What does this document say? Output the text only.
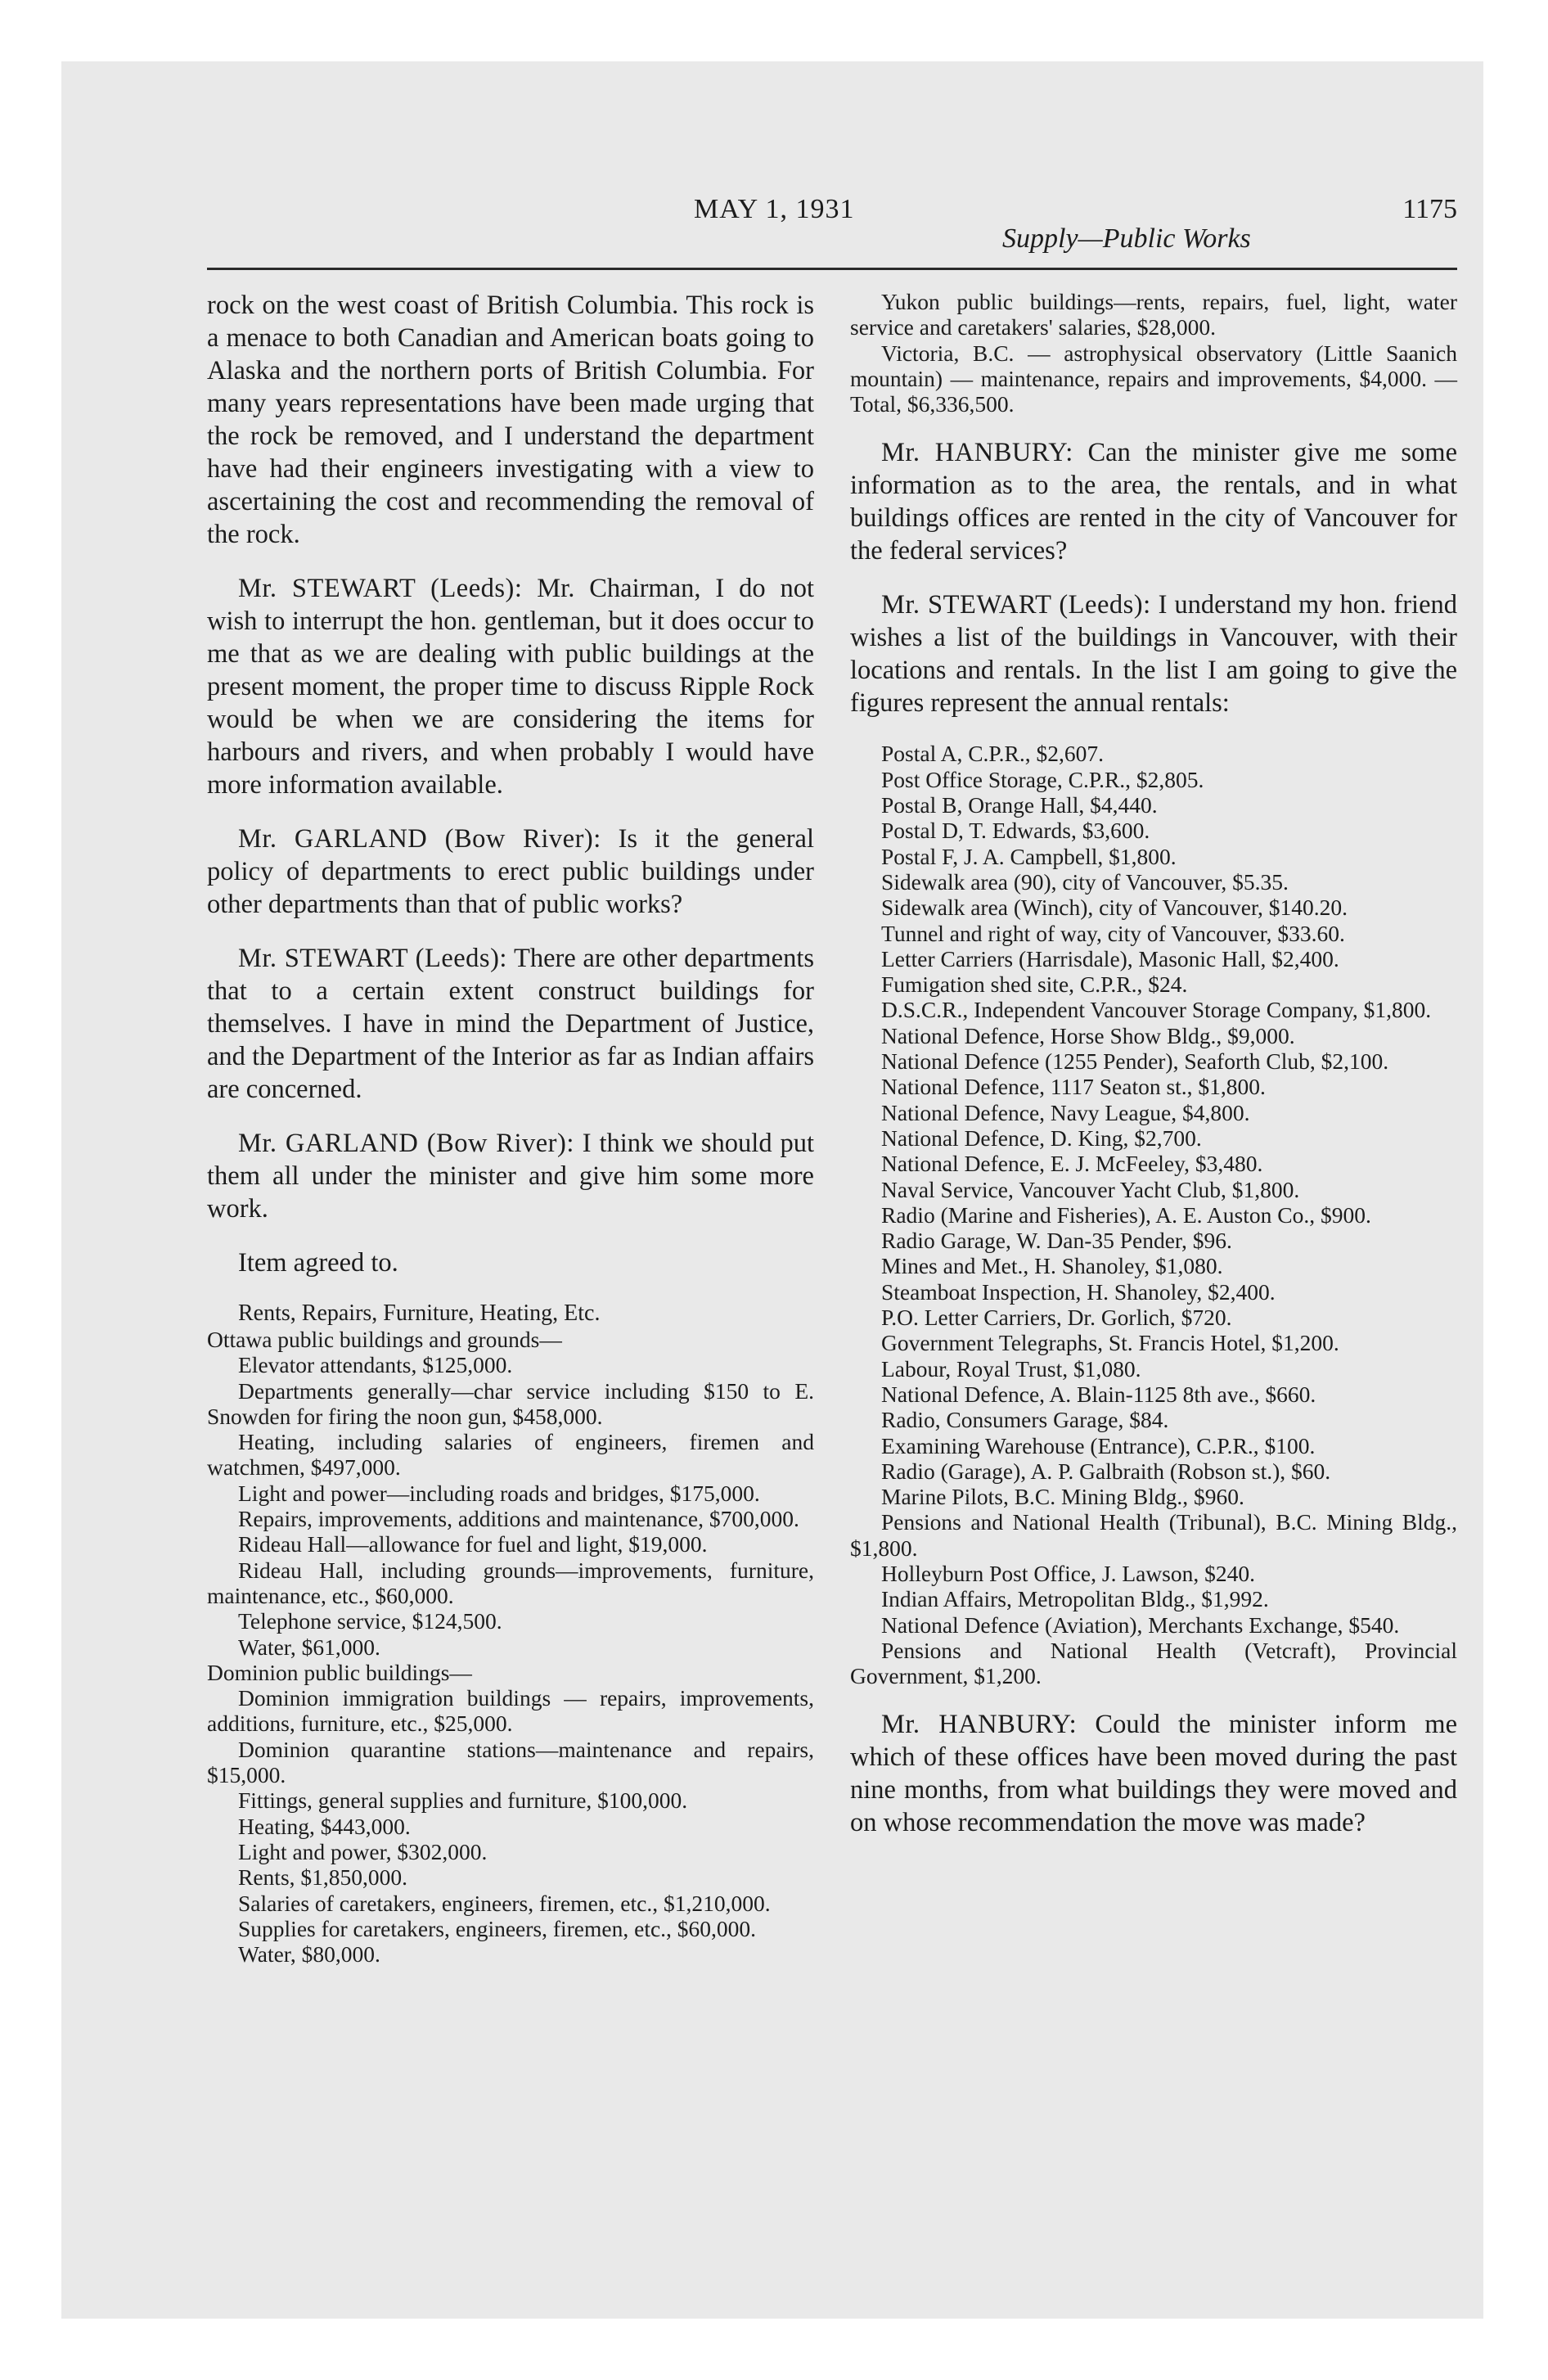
MAY 1, 1931
Supply—Public Works
1175

rock on the west coast of British Columbia. This rock is a menace to both Canadian and American boats going to Alaska and the northern ports of British Columbia. For many years representations have been made urging that the rock be removed, and I understand the department have had their engineers investigating with a view to ascertaining the cost and recommending the removal of the rock.

Mr. STEWART (Leeds): Mr. Chairman, I do not wish to interrupt the hon. gentleman, but it does occur to me that as we are dealing with public buildings at the present moment, the proper time to discuss Ripple Rock would be when we are considering the items for harbours and rivers, and when probably I would have more information available.

Mr. GARLAND (Bow River): Is it the general policy of departments to erect public buildings under other departments than that of public works?

Mr. STEWART (Leeds): There are other departments that to a certain extent construct buildings for themselves. I have in mind the Department of Justice, and the Department of the Interior as far as Indian affairs are concerned.

Mr. GARLAND (Bow River): I think we should put them all under the minister and give him some more work.

Item agreed to.

Rents, Repairs, Furniture, Heating, Etc.
Ottawa public buildings and grounds—
Elevator attendants, $125,000.
Departments generally—char service including $150 to E. Snowden for firing the noon gun, $458,000.
Heating, including salaries of engineers, firemen and watchmen, $497,000.
Light and power—including roads and bridges, $175,000.
Repairs, improvements, additions and maintenance, $700,000.
Rideau Hall—allowance for fuel and light, $19,000.
Rideau Hall, including grounds—improvements, furniture, maintenance, etc., $60,000.
Telephone service, $124,500.
Water, $61,000.
Dominion public buildings—
Dominion immigration buildings — repairs, improvements, additions, furniture, etc., $25,000.
Dominion quarantine stations—maintenance and repairs, $15,000.
Fittings, general supplies and furniture, $100,000.
Heating, $443,000.
Light and power, $302,000.
Rents, $1,850,000.
Salaries of caretakers, engineers, firemen, etc., $1,210,000.
Supplies for caretakers, engineers, firemen, etc., $60,000.
Water, $80,000.
Yukon public buildings—rents, repairs, fuel, light, water service and caretakers' salaries, $28,000.
Victoria, B.C. — astrophysical observatory (Little Saanich mountain) — maintenance, repairs and improvements, $4,000. — Total, $6,336,500.

Mr. HANBURY: Can the minister give me some information as to the area, the rentals, and in what buildings offices are rented in the city of Vancouver for the federal services?

Mr. STEWART (Leeds): I understand my hon. friend wishes a list of the buildings in Vancouver, with their locations and rentals. In the list I am going to give the figures represent the annual rentals:

Postal A, C.P.R., $2,607.
Post Office Storage, C.P.R., $2,805.
Postal B, Orange Hall, $4,440.
Postal D, T. Edwards, $3,600.
Postal F, J. A. Campbell, $1,800.
Sidewalk area (90), city of Vancouver, $5.35.
Sidewalk area (Winch), city of Vancouver, $140.20.
Tunnel and right of way, city of Vancouver, $33.60.
Letter Carriers (Harrisdale), Masonic Hall, $2,400.
Fumigation shed site, C.P.R., $24.
D.S.C.R., Independent Vancouver Storage Company, $1,800.
National Defence, Horse Show Bldg., $9,000.
National Defence (1255 Pender), Seaforth Club, $2,100.
National Defence, 1117 Seaton st., $1,800.
National Defence, Navy League, $4,800.
National Defence, D. King, $2,700.
National Defence, E. J. McFeeley, $3,480.
Naval Service, Vancouver Yacht Club, $1,800.
Radio (Marine and Fisheries), A. E. Auston Co., $900.
Radio Garage, W. Dan-35 Pender, $96.
Mines and Met., H. Shanoley, $1,080.
Steamboat Inspection, H. Shanoley, $2,400.
P.O. Letter Carriers, Dr. Gorlich, $720.
Government Telegraphs, St. Francis Hotel, $1,200.
Labour, Royal Trust, $1,080.
National Defence, A. Blain-1125 8th ave., $660.
Radio, Consumers Garage, $84.
Examining Warehouse (Entrance), C.P.R., $100.
Radio (Garage), A. P. Galbraith (Robson st.), $60.
Marine Pilots, B.C. Mining Bldg., $960.
Pensions and National Health (Tribunal), B.C. Mining Bldg., $1,800.
Holleyburn Post Office, J. Lawson, $240.
Indian Affairs, Metropolitan Bldg., $1,992.
National Defence (Aviation), Merchants Exchange, $540.
Pensions and National Health (Vetcraft), Provincial Government, $1,200.

Mr. HANBURY: Could the minister inform me which of these offices have been moved during the past nine months, from what buildings they were moved and on whose recommendation the move was made?
